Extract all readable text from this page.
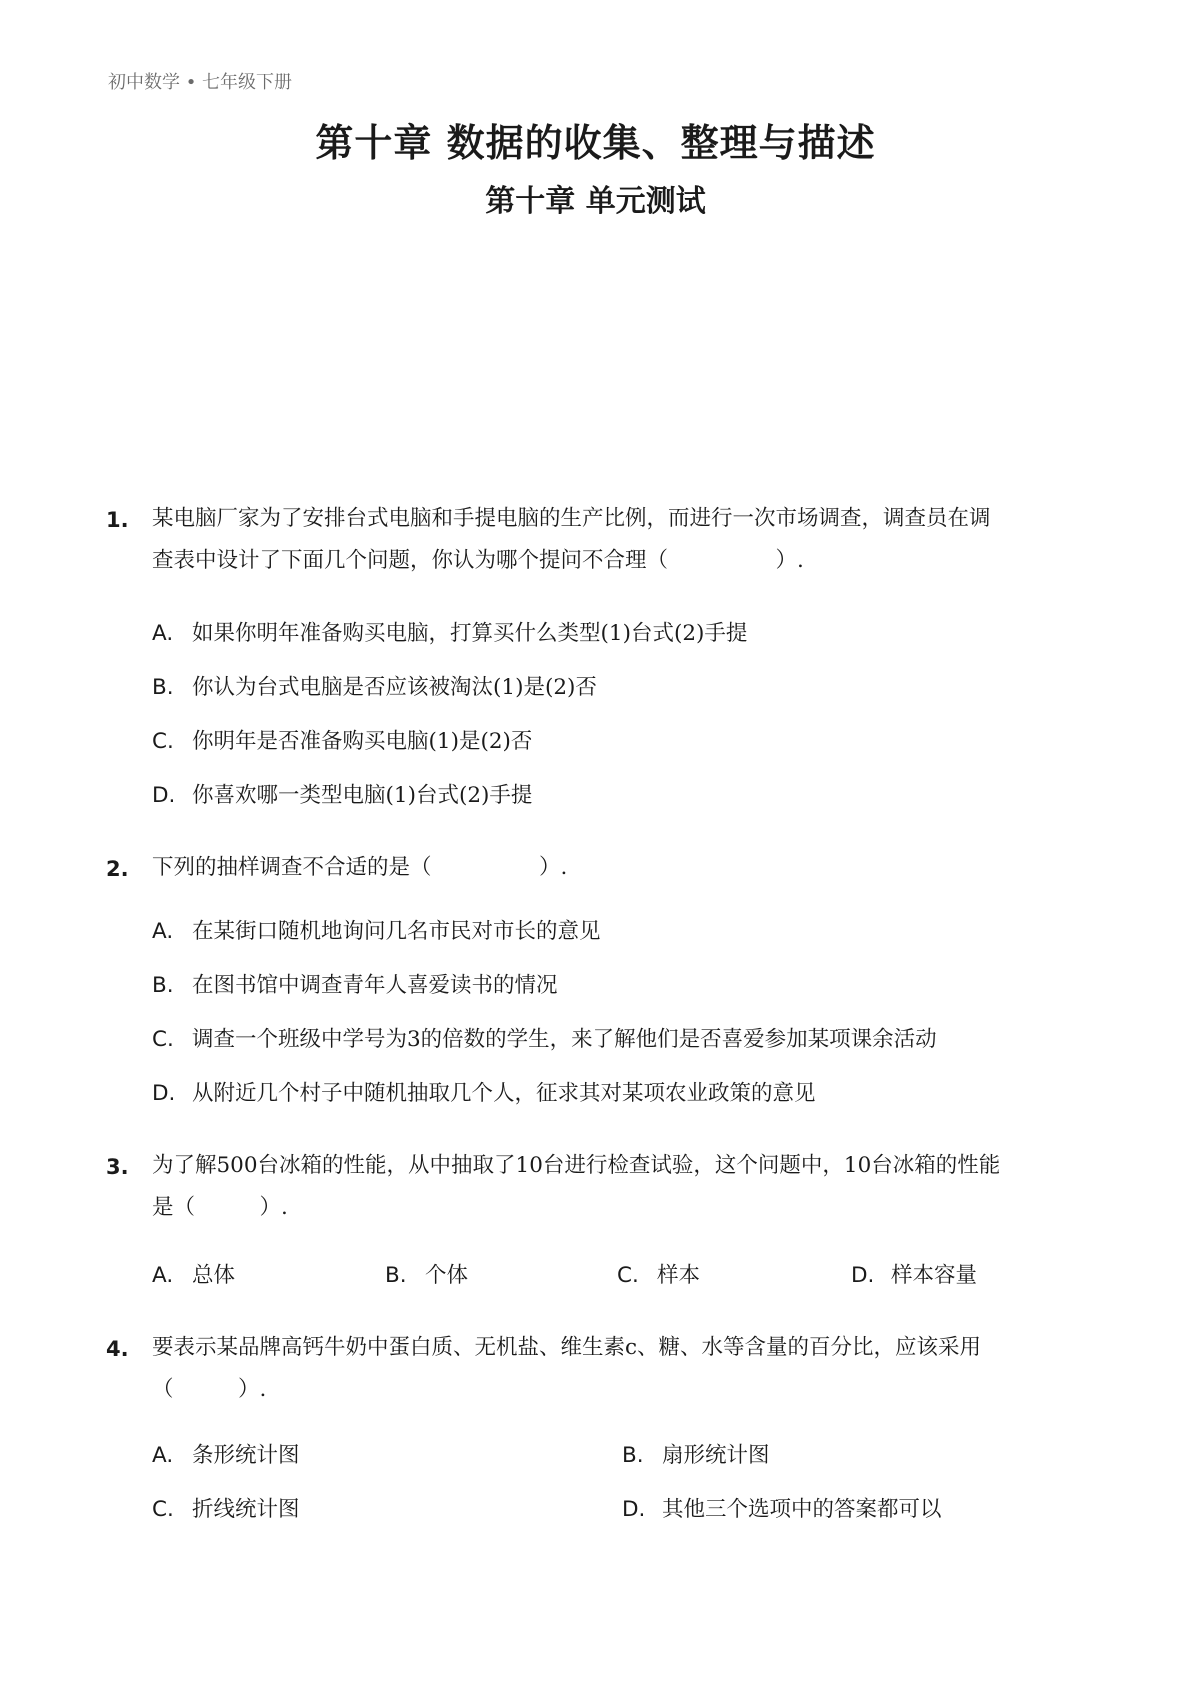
初中数学 • 七年级下册
第十章 数据的收集、整理与描述
第十章 单元测试
1. 某电脑厂家为了安排台式电脑和手提电脑的生产比例，而进行一次市场调查，调查员在调

查表中设计了下面几个问题，你认为哪个提问不合理（　　　　　）.

A. 如果你明年准备购买电脑，打算买什么类型(1)台式(2)手提
B. 你认为台式电脑是否应该被淘汰(1)是(2)否
C. 你明年是否准备购买电脑(1)是(2)否
D. 你喜欢哪一类型电脑(1)台式(2)手提
2. 下列的抽样调查不合适的是（　　　　　）.

A. 在某街口随机地询问几名市民对市长的意见
B. 在图书馆中调查青年人喜爱读书的情况
C. 调查一个班级中学号为3的倍数的学生，来了解他们是否喜爱参加某项课余活动
D. 从附近几个村子中随机抽取几个人，征求其对某项农业政策的意见
3. 为了解500台冰箱的性能，从中抽取了10台进行检查试验，这个问题中，10台冰箱的性能

是（　　　）.

A. 总体	B. 个体	C. 样本	D. 样本容量
4. 要表示某品牌高钙牛奶中蛋白质、无机盐、维生素c、糖、水等含量的百分比，应该采用

（　　　）.

A. 条形统计图	B. 扇形统计图
C. 折线统计图	D. 其他三个选项中的答案都可以
